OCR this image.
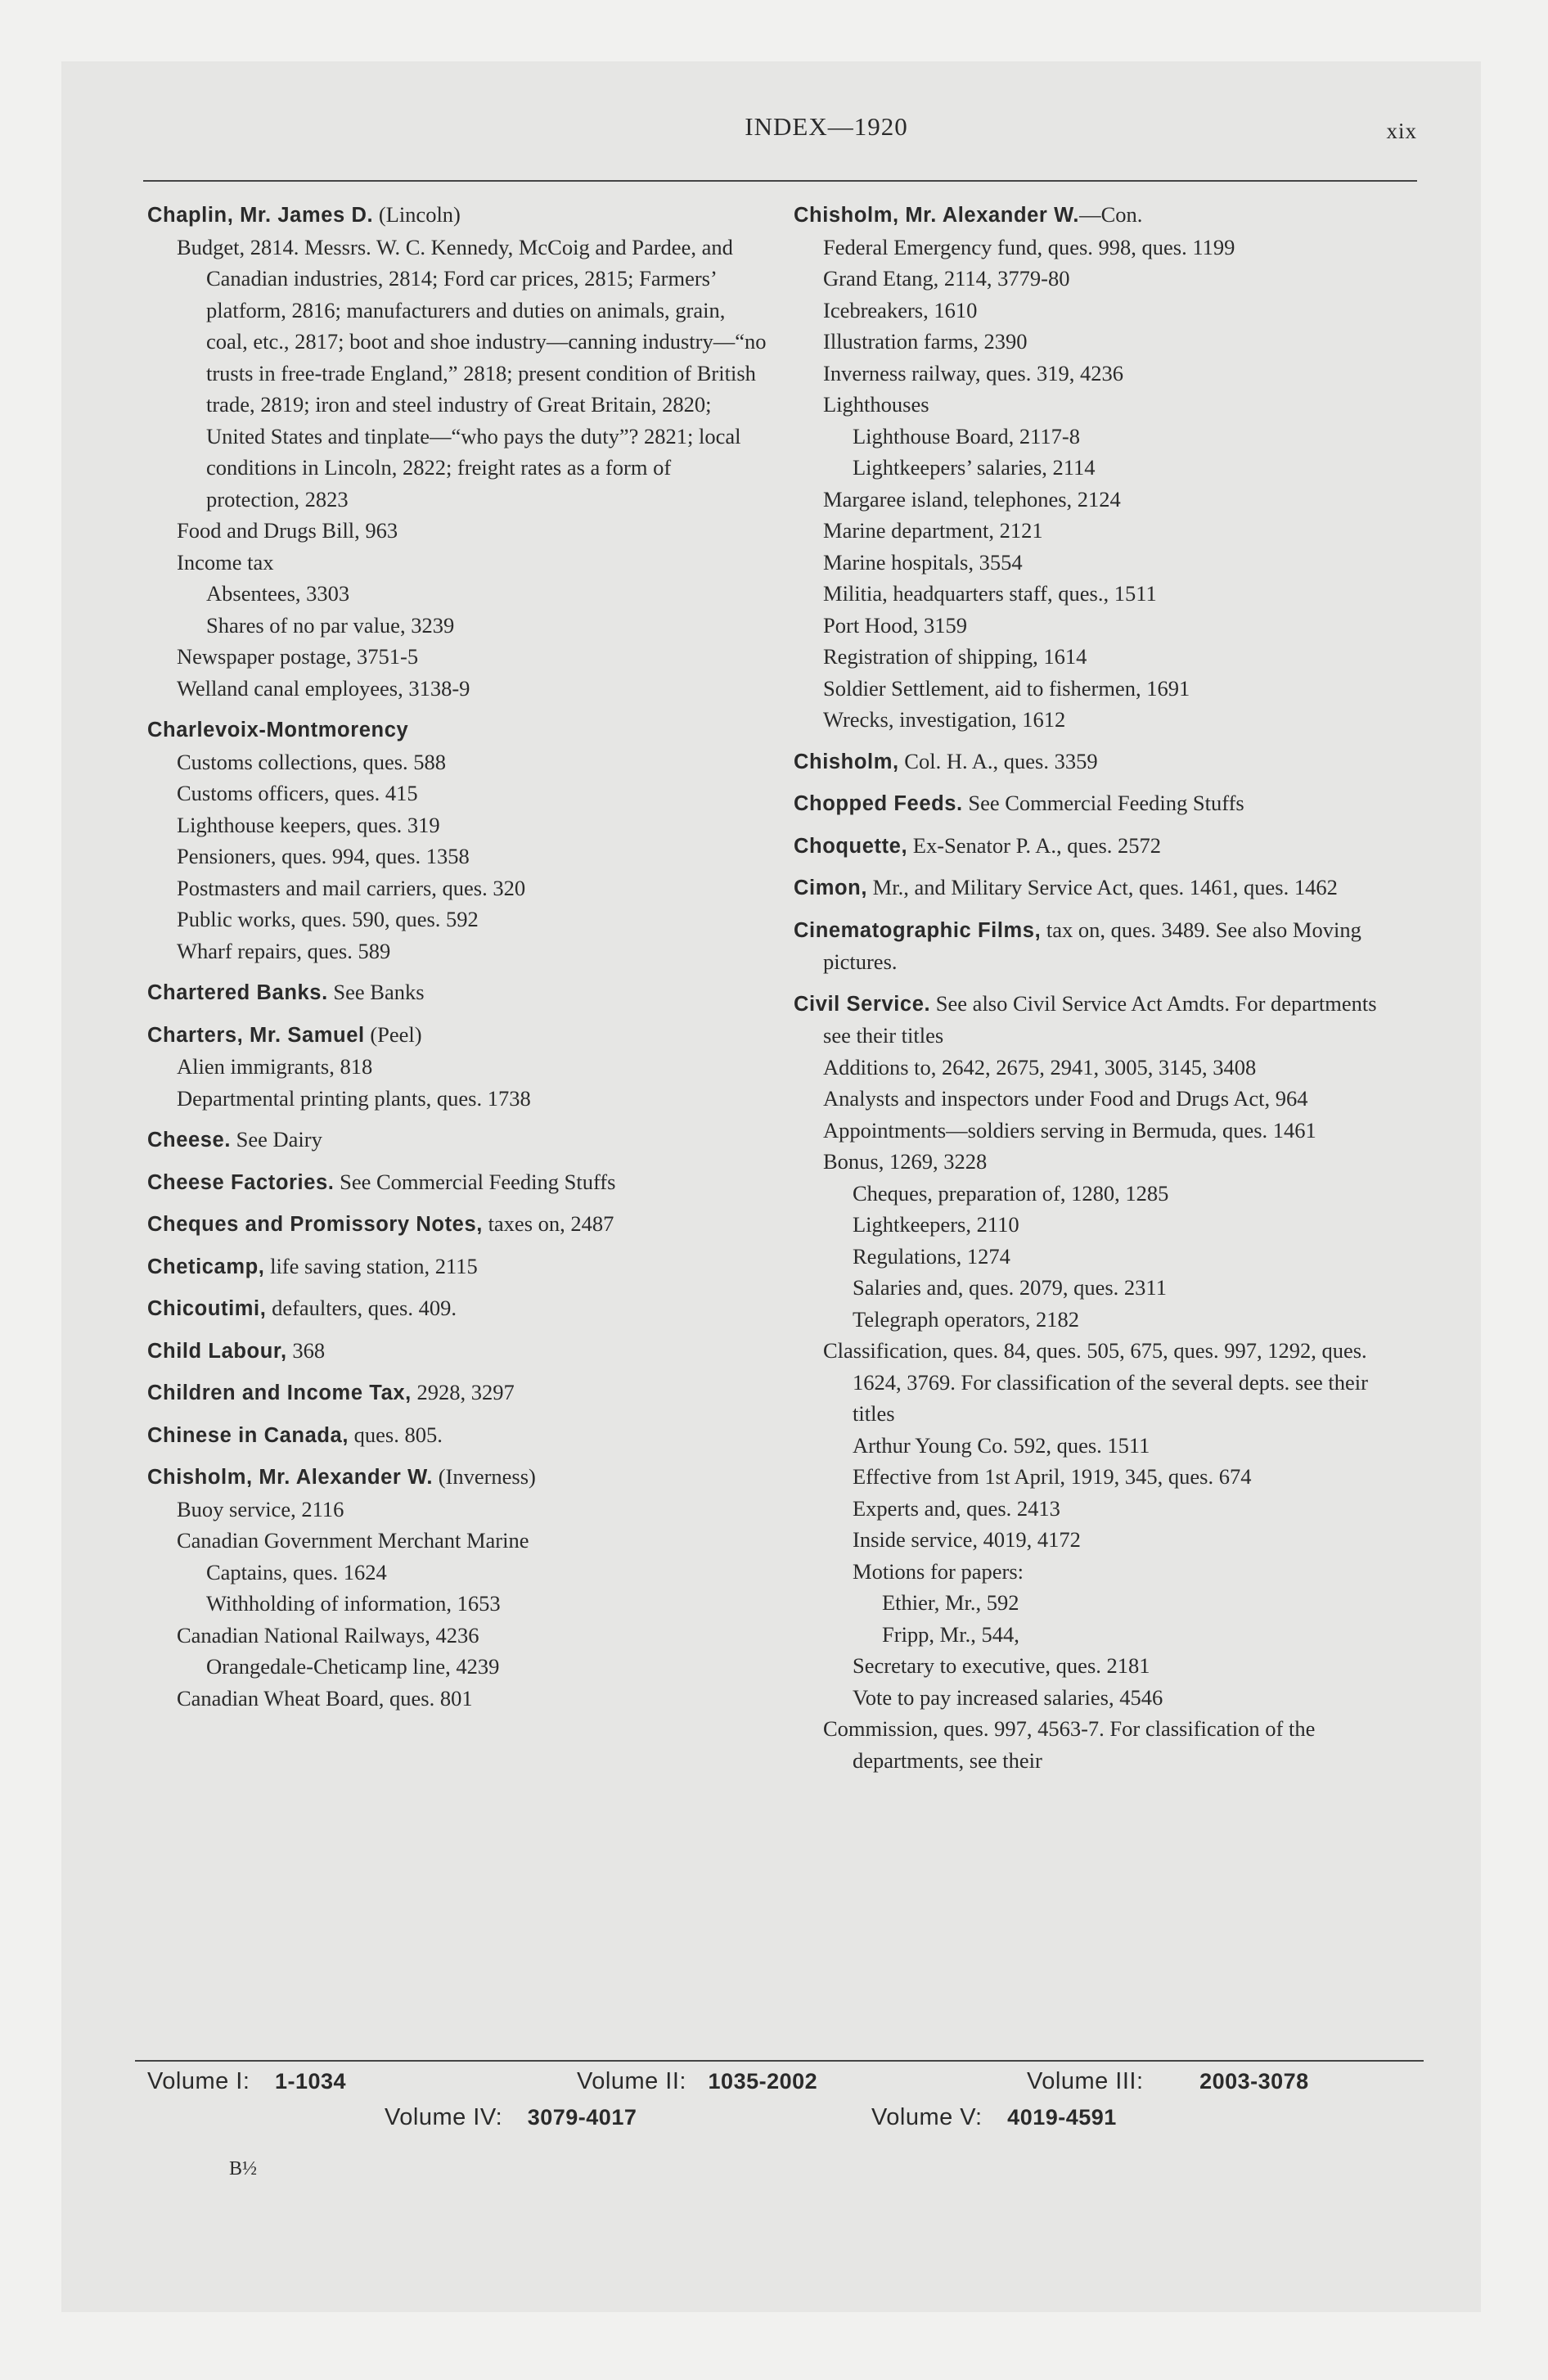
INDEX—1920	xix
Chaplin, Mr. James D. (Lincoln)
Budget, 2814. Messrs. W. C. Kennedy, McCoig and Pardee, and Canadian industries, 2814; Ford car prices, 2815; Farmers’ platform, 2816; manufacturers and duties on animals, grain, coal, etc., 2817; boot and shoe industry—canning industry—“no trusts in free-trade England,” 2818; present condition of British trade, 2819; iron and steel industry of Great Britain, 2820; United States and tinplate—“who pays the duty”? 2821; local conditions in Lincoln, 2822; freight rates as a form of protection, 2823
Food and Drugs Bill, 963
Income tax
Absentees, 3303
Shares of no par value, 3239
Newspaper postage, 3751-5
Welland canal employees, 3138-9
Charlevoix-Montmorency
Customs collections, ques. 588
Customs officers, ques. 415
Lighthouse keepers, ques. 319
Pensioners, ques. 994, ques. 1358
Postmasters and mail carriers, ques. 320
Public works, ques. 590, ques. 592
Wharf repairs, ques. 589
Chartered Banks. See Banks
Charters, Mr. Samuel (Peel)
Alien immigrants, 818
Departmental printing plants, ques. 1738
Cheese. See Dairy
Cheese Factories. See Commercial Feeding Stuffs
Cheques and Promissory Notes, taxes on, 2487
Cheticamp, life saving station, 2115
Chicoutimi, defaulters, ques. 409.
Child Labour, 368
Children and Income Tax, 2928, 3297
Chinese in Canada, ques. 805.
Chisholm, Mr. Alexander W. (Inverness)
Buoy service, 2116
Canadian Government Merchant Marine
Captains, ques. 1624
Withholding of information, 1653
Canadian National Railways, 4236
Orangedale-Cheticamp line, 4239
Canadian Wheat Board, ques. 801
Chisholm, Mr. Alexander W.—Con.
Federal Emergency fund, ques. 998, ques. 1199
Grand Etang, 2114, 3779-80
Icebreakers, 1610
Illustration farms, 2390
Inverness railway, ques. 319, 4236
Lighthouses
Lighthouse Board, 2117-8
Lightkeepers’ salaries, 2114
Margaree island, telephones, 2124
Marine department, 2121
Marine hospitals, 3554
Militia, headquarters staff, ques., 1511
Port Hood, 3159
Registration of shipping, 1614
Soldier Settlement, aid to fishermen, 1691
Wrecks, investigation, 1612
Chisholm, Col. H. A., ques. 3359
Chopped Feeds. See Commercial Feeding Stuffs
Choquette, Ex-Senator P. A., ques. 2572
Cimon, Mr., and Military Service Act, ques. 1461, ques. 1462
Cinematographic Films, tax on, ques. 3489. See also Moving pictures.
Civil Service. See also Civil Service Act Amdts. For departments see their titles
Additions to, 2642, 2675, 2941, 3005, 3145, 3408
Analysts and inspectors under Food and Drugs Act, 964
Appointments—soldiers serving in Bermuda, ques. 1461
Bonus, 1269, 3228
Cheques, preparation of, 1280, 1285
Lightkeepers, 2110
Regulations, 1274
Salaries and, ques. 2079, ques. 2311
Telegraph operators, 2182
Classification, ques. 84, ques. 505, 675, ques. 997, 1292, ques. 1624, 3769. For classification of the several depts. see their titles
Arthur Young Co. 592, ques. 1511
Effective from 1st April, 1919, 345, ques. 674
Experts and, ques. 2413
Inside service, 4019, 4172
Motions for papers:
Ethier, Mr., 592
Fripp, Mr., 544,
Secretary to executive, ques. 2181
Vote to pay increased salaries, 4546
Commission, ques. 997, 4563-7. For classification of the departments, see their
Volume I: 1-1034	Volume II: 1035-2002	Volume III:	2003-3078
Volume IV: 3079-4017	Volume V: 4019-4591
B½
